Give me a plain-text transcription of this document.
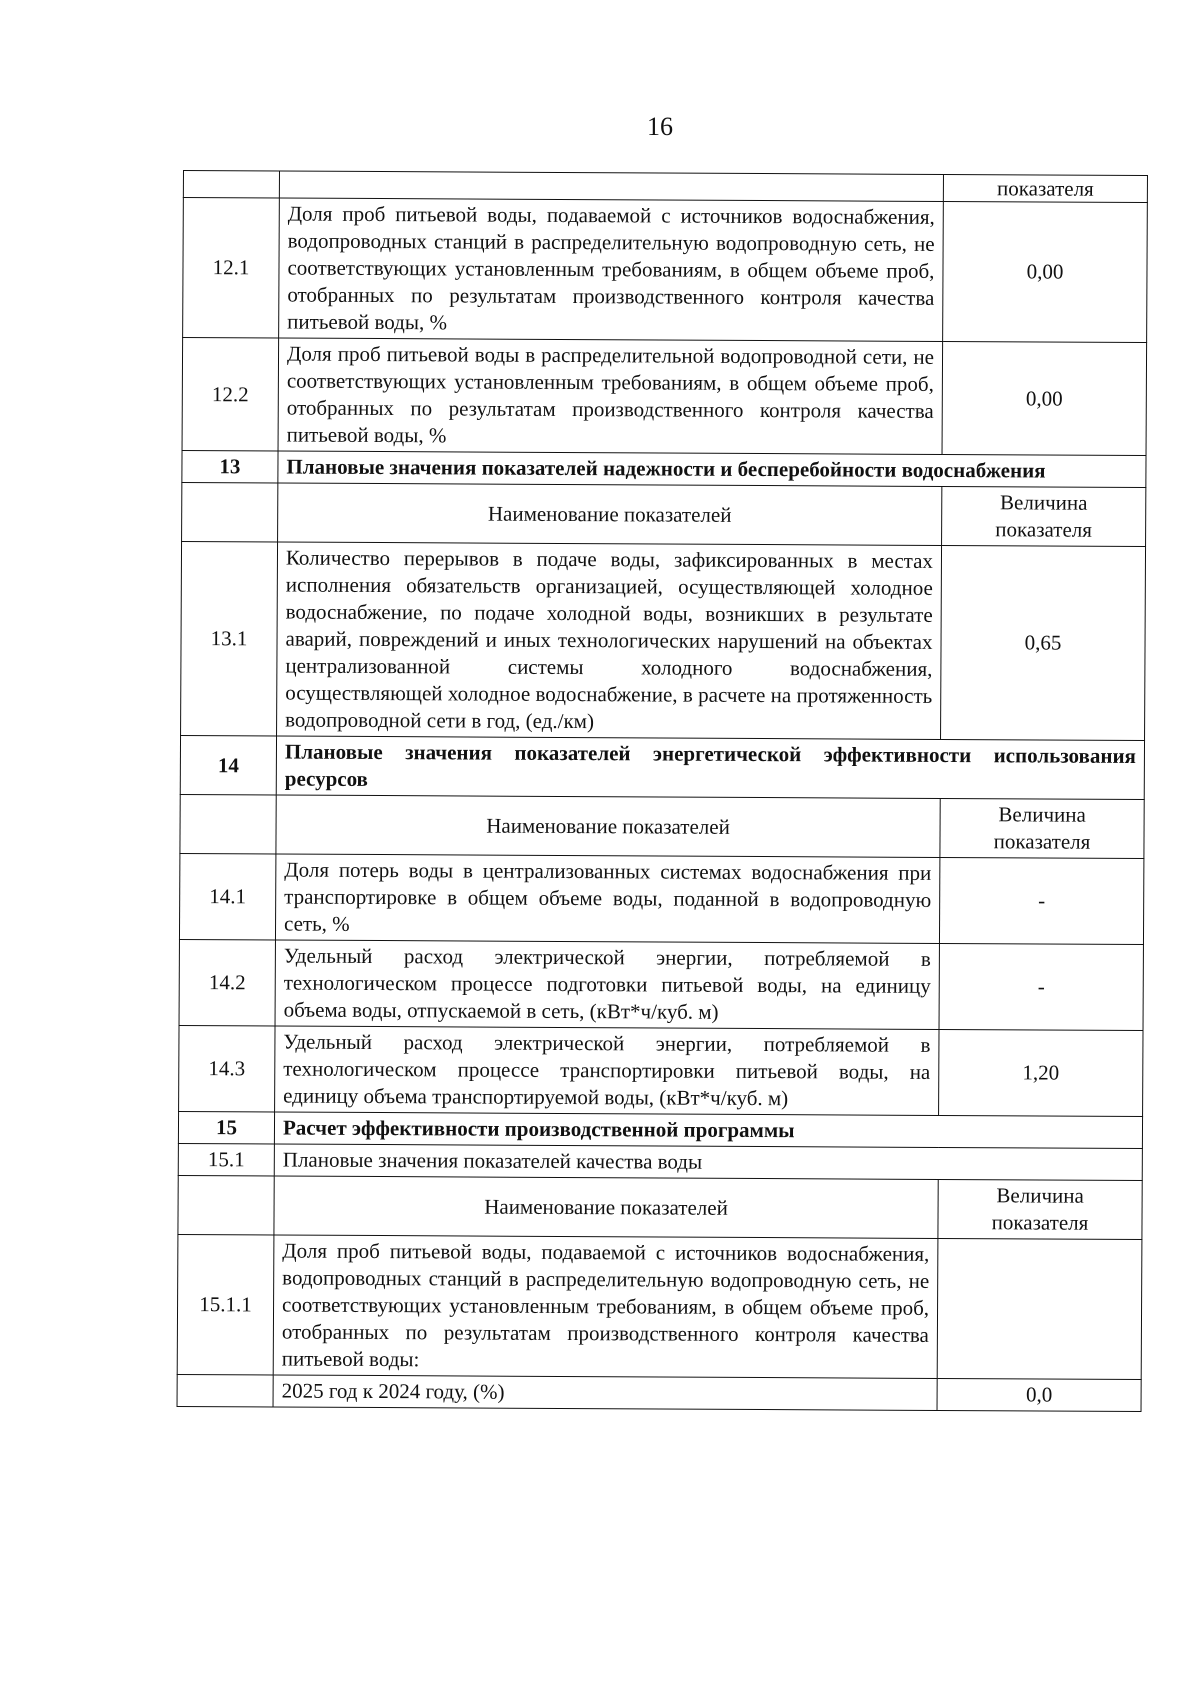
16
		показателя
12.1	Доля проб питьевой воды, подаваемой с источников водоснабжения, водопроводных станций в распределительную водопроводную сеть, не соответствующих установленным требованиям, в общем объеме проб, отобранных по результатам производственного контроля качества питьевой воды, %	0,00
12.2	Доля проб питьевой воды в распределительной водопроводной сети, не соответствующих установленным требованиям, в общем объеме проб, отобранных по результатам производственного контроля качества питьевой воды, %	0,00
13	Плановые значения показателей надежности и бесперебойности водоснабжения	
	Наименование показателей	Величина показателя
13.1	Количество перерывов в подаче воды, зафиксированных в местах исполнения обязательств организацией, осуществляющей холодное водоснабжение, по подаче холодной воды, возникших в результате аварий, повреждений и иных технологических нарушений на объектах централизованной системы холодного водоснабжения, осуществляющей холодное водоснабжение, в расчете на протяженность водопроводной сети в год, (ед./км)	0,65
14	Плановые значения показателей энергетической эффективности использования ресурсов	
	Наименование показателей	Величина показателя
14.1	Доля потерь воды в централизованных системах водоснабжения при транспортировке в общем объеме воды, поданной в водопроводную сеть, %	-
14.2	Удельный расход электрической энергии, потребляемой в технологическом процессе подготовки питьевой воды, на единицу объема воды, отпускаемой в сеть, (кВт*ч/куб. м)	-
14.3	Удельный расход электрической энергии, потребляемой в технологическом процессе транспортировки питьевой воды, на единицу объема транспортируемой воды, (кВт*ч/куб. м)	1,20
15	Расчет эффективности производственной программы	
15.1	Плановые значения показателей качества воды	
	Наименование показателей	Величина показателя
15.1.1	Доля проб питьевой воды, подаваемой с источников водоснабжения, водопроводных станций в распределительную водопроводную сеть, не соответствующих установленным требованиям, в общем объеме проб, отобранных по результатам производственного контроля качества питьевой воды:	
	2025 год к 2024 году, (%)	0,0
